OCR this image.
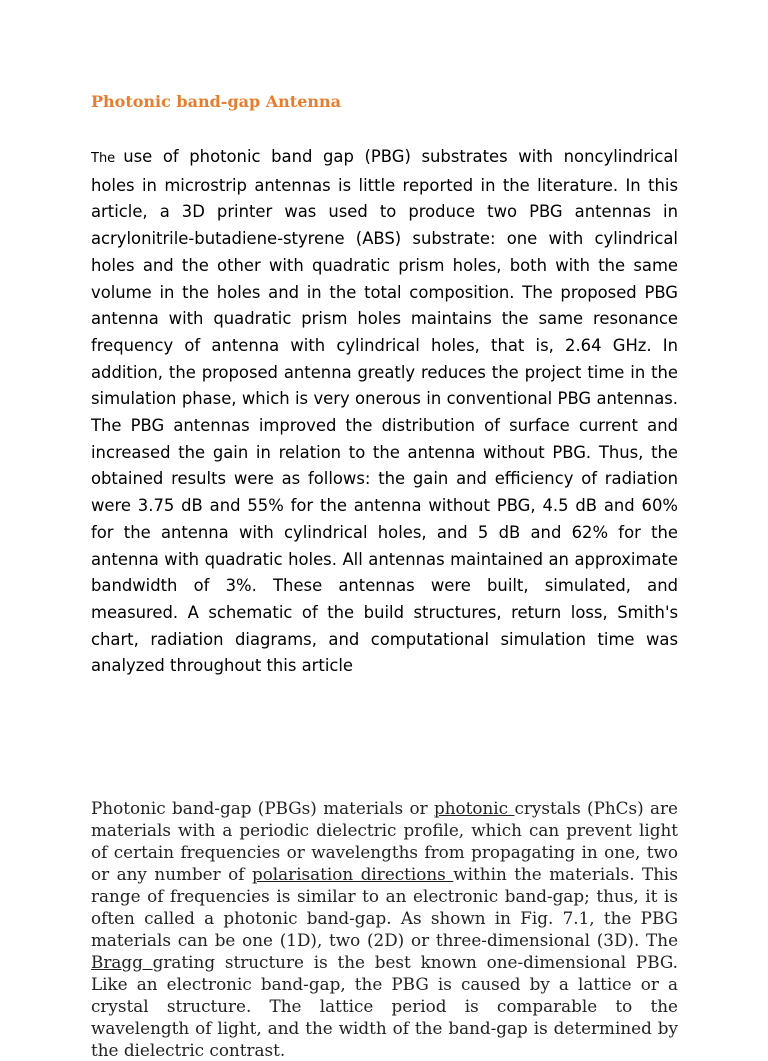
Photonic band-gap Antenna

The use of photonic band gap (PBG) substrates with noncylindrical holes in microstrip antennas is little reported in the literature. In this article, a 3D printer was used to produce two PBG antennas in acrylonitrile-butadiene-styrene (ABS) substrate: one with cylindrical holes and the other with quadratic prism holes, both with the same volume in the holes and in the total composition. The proposed PBG antenna with quadratic prism holes maintains the same resonance frequency of antenna with cylindrical holes, that is, 2.64 GHz. In addition, the proposed antenna greatly reduces the project time in the simulation phase, which is very onerous in conventional PBG antennas. The PBG antennas improved the distribution of surface current and increased the gain in relation to the antenna without PBG. Thus, the obtained results were as follows: the gain and efficiency of radiation were 3.75 dB and 55% for the antenna without PBG, 4.5 dB and 60% for the antenna with cylindrical holes, and 5 dB and 62% for the antenna with quadratic holes. All antennas maintained an approximate bandwidth of 3%. These antennas were built, simulated, and measured. A schematic of the build structures, return loss, Smith's chart, radiation diagrams, and computational simulation time was analyzed throughout this article

Photonic band-gap (PBGs) materials or photonic crystals (PhCs) are materials with a periodic dielectric profile, which can prevent light of certain frequencies or wavelengths from propagating in one, two or any number of polarisation directions within the materials. This range of frequencies is similar to an electronic band-gap; thus, it is often called a photonic band-gap. As shown in Fig. 7.1, the PBG materials can be one (1D), two (2D) or three-dimensional (3D). The Bragg grating structure is the best known one-dimensional PBG. Like an electronic band-gap, the PBG is caused by a lattice or a crystal structure. The lattice period is comparable to the wavelength of light, and the width of the band-gap is determined by the dielectric contrast.
